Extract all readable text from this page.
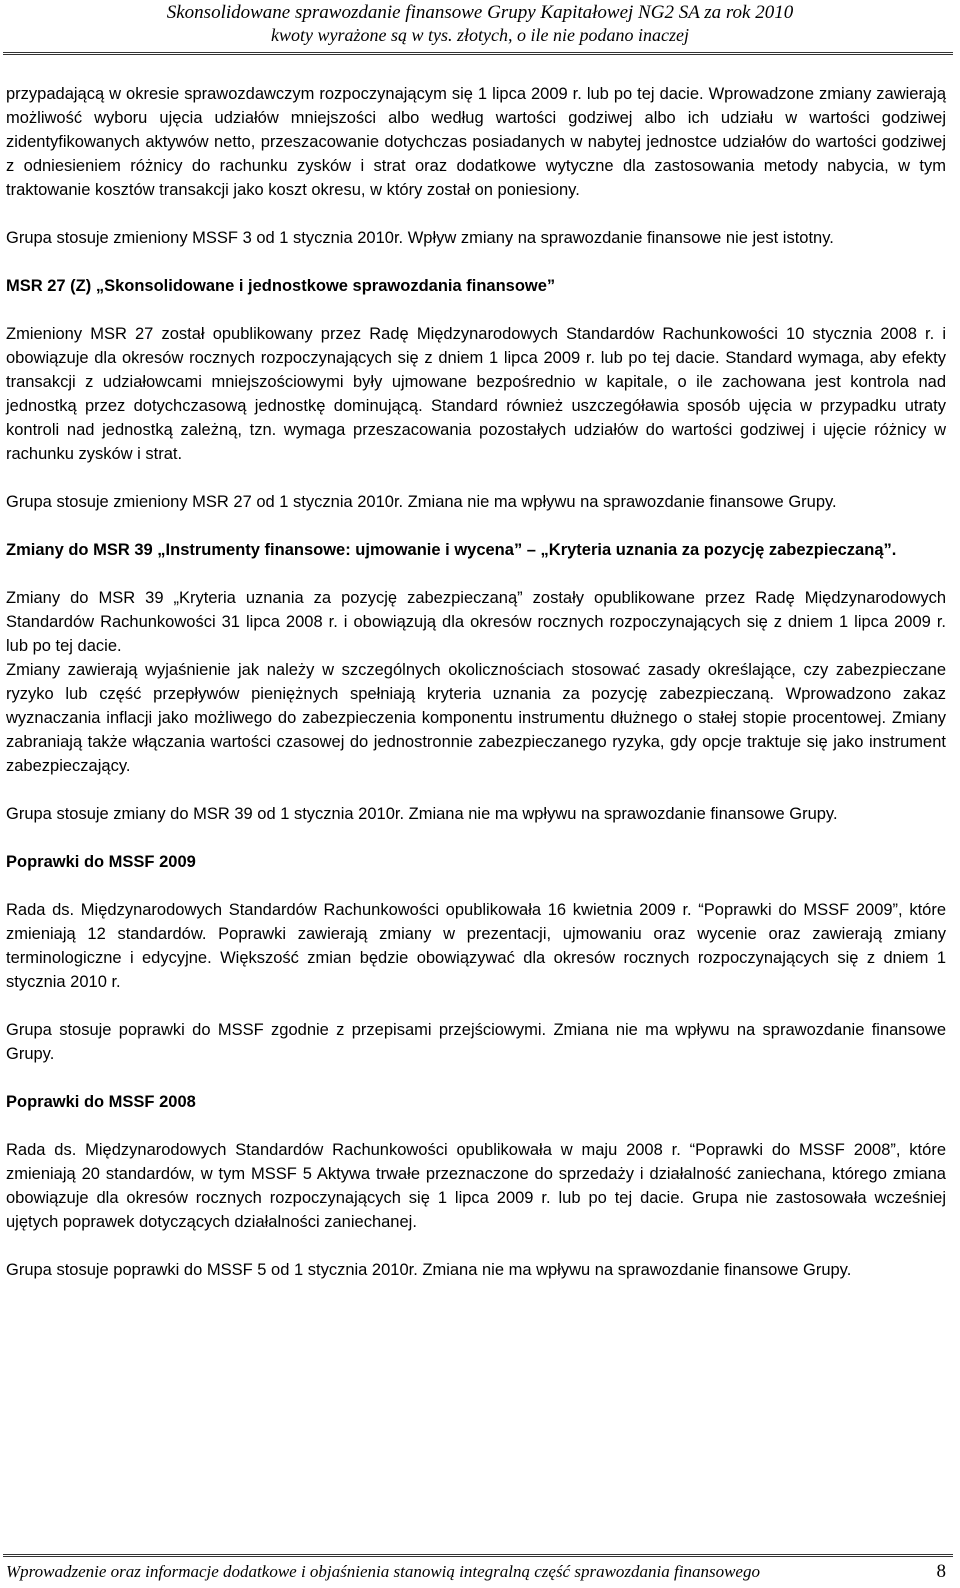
Skonsolidowane sprawozdanie finansowe Grupy Kapitałowej NG2 SA za rok 2010
kwoty wyrażone są w tys. złotych, o ile nie podano inaczej

przypadającą w okresie sprawozdawczym rozpoczynającym się 1 lipca 2009 r. lub po tej dacie. Wprowadzone zmiany zawierają możliwość wyboru ujęcia udziałów mniejszości albo według wartości godziwej albo ich udziału w wartości godziwej zidentyfikowanych aktywów netto, przeszacowanie dotychczas posiadanych w nabytej jednostce udziałów do wartości godziwej z odniesieniem różnicy do rachunku zysków i strat oraz dodatkowe wytyczne dla zastosowania metody nabycia, w tym traktowanie kosztów transakcji jako koszt okresu, w który został on poniesiony.

Grupa stosuje zmieniony MSSF 3 od 1 stycznia 2010r. Wpływ zmiany na sprawozdanie finansowe nie jest istotny.

MSR 27 (Z) „Skonsolidowane i jednostkowe sprawozdania finansowe”

Zmieniony MSR 27 został opublikowany przez Radę Międzynarodowych Standardów Rachunkowości 10 stycznia 2008 r. i obowiązuje dla okresów rocznych rozpoczynających się z dniem 1 lipca 2009 r. lub po tej dacie. Standard wymaga, aby efekty transakcji z udziałowcami mniejszościowymi były ujmowane bezpośrednio w kapitale, o ile zachowana jest kontrola nad jednostką przez dotychczasową jednostkę dominującą. Standard również uszczegóławia sposób ujęcia w przypadku utraty kontroli nad jednostką zależną, tzn. wymaga przeszacowania pozostałych udziałów do wartości godziwej i ujęcie różnicy w rachunku zysków i strat.

Grupa stosuje zmieniony MSR 27 od 1 stycznia 2010r. Zmiana nie ma wpływu na sprawozdanie finansowe Grupy.

Zmiany do MSR 39 „Instrumenty finansowe: ujmowanie i wycena” – „Kryteria uznania za pozycję zabezpieczaną”.

Zmiany do MSR 39 „Kryteria uznania za pozycję zabezpieczaną” zostały opublikowane przez Radę Międzynarodowych Standardów Rachunkowości 31 lipca 2008 r. i obowiązują dla okresów rocznych rozpoczynających się z dniem 1 lipca 2009 r. lub po tej dacie.

Zmiany zawierają wyjaśnienie jak należy w szczególnych okolicznościach stosować zasady określające, czy zabezpieczane ryzyko lub część przepływów pieniężnych spełniają kryteria uznania za pozycję zabezpieczaną. Wprowadzono zakaz wyznaczania inflacji jako możliwego do zabezpieczenia komponentu instrumentu dłużnego o stałej stopie procentowej. Zmiany zabraniają także włączania wartości czasowej do jednostronnie zabezpieczanego ryzyka, gdy opcje traktuje się jako instrument zabezpieczający.

Grupa stosuje zmiany do MSR 39 od 1 stycznia 2010r. Zmiana nie ma wpływu na sprawozdanie finansowe Grupy.

Poprawki do MSSF 2009

Rada ds. Międzynarodowych Standardów Rachunkowości opublikowała 16 kwietnia 2009 r. “Poprawki do MSSF 2009”, które zmieniają 12 standardów. Poprawki zawierają zmiany w prezentacji, ujmowaniu oraz wycenie oraz zawierają zmiany terminologiczne i edycyjne. Większość zmian będzie obowiązywać dla okresów rocznych rozpoczynających się z dniem 1 stycznia 2010 r.

Grupa stosuje poprawki do MSSF zgodnie z przepisami przejściowymi. Zmiana nie ma wpływu na sprawozdanie finansowe Grupy.

Poprawki do MSSF 2008

Rada ds. Międzynarodowych Standardów Rachunkowości opublikowała w maju 2008 r. “Poprawki do MSSF 2008”, które zmieniają 20 standardów, w tym MSSF 5 Aktywa trwałe przeznaczone do sprzedaży i działalność zaniechana, którego zmiana obowiązuje dla okresów rocznych rozpoczynających się 1 lipca 2009 r. lub po tej dacie. Grupa nie zastosowała wcześniej ujętych poprawek dotyczących działalności zaniechanej.

Grupa stosuje poprawki do MSSF 5 od 1 stycznia 2010r. Zmiana nie ma wpływu na sprawozdanie finansowe Grupy.

Wprowadzenie oraz informacje dodatkowe i objaśnienia stanowią integralną część sprawozdania finansowego	8
